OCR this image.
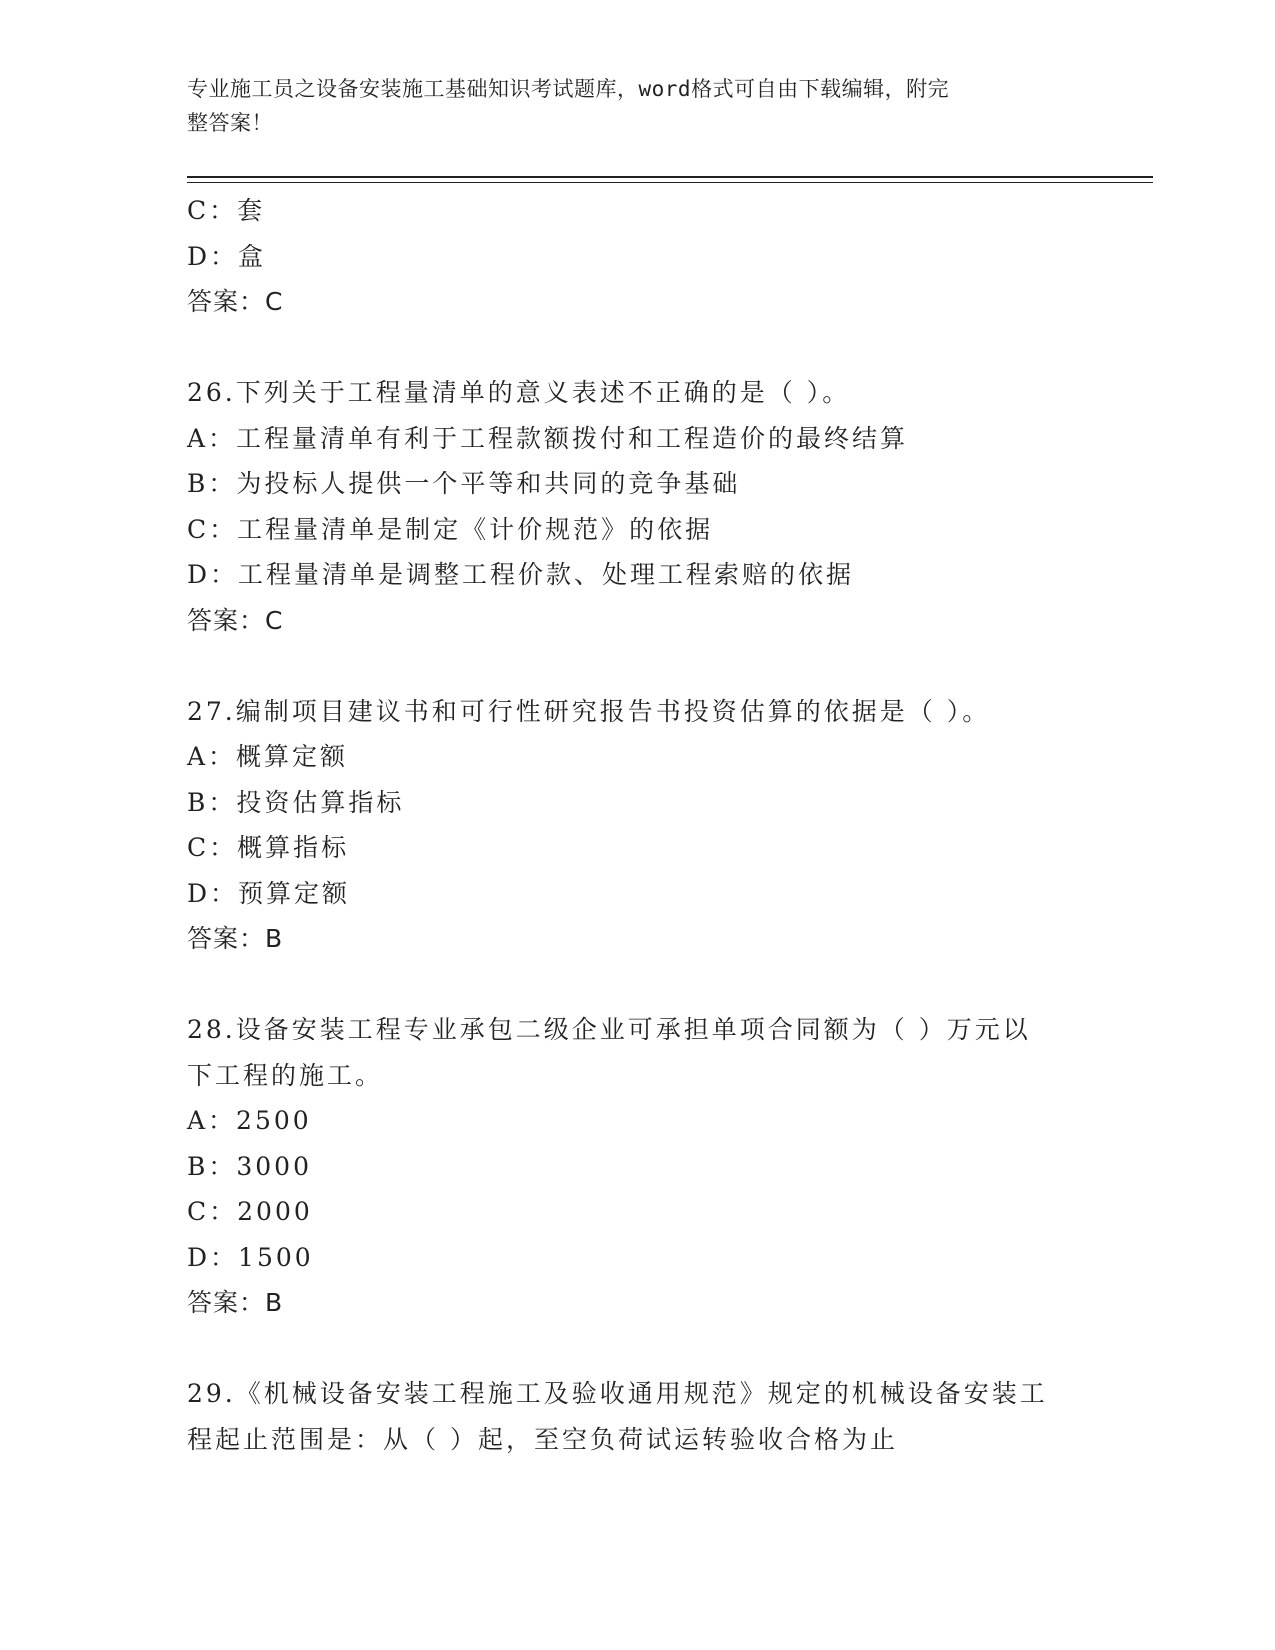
专业施工员之设备安装施工基础知识考试题库，word格式可自由下载编辑，附完
整答案！
C：套
D：盒
答案：C
26.下列关于工程量清单的意义表述不正确的是（ ）。
A：工程量清单有利于工程款额拨付和工程造价的最终结算
B：为投标人提供一个平等和共同的竞争基础
C：工程量清单是制定《计价规范》的依据
D：工程量清单是调整工程价款、处理工程索赔的依据
答案：C
27.编制项目建议书和可行性研究报告书投资估算的依据是（ ）。
A：概算定额
B：投资估算指标
C：概算指标
D：预算定额
答案：B
28.设备安装工程专业承包二级企业可承担单项合同额为（ ）万元以
下工程的施工。
A：2500
B：3000
C：2000
D：1500
答案：B
29.《机械设备安装工程施工及验收通用规范》规定的机械设备安装工
程起止范围是：从（ ）起，至空负荷试运转验收合格为止
